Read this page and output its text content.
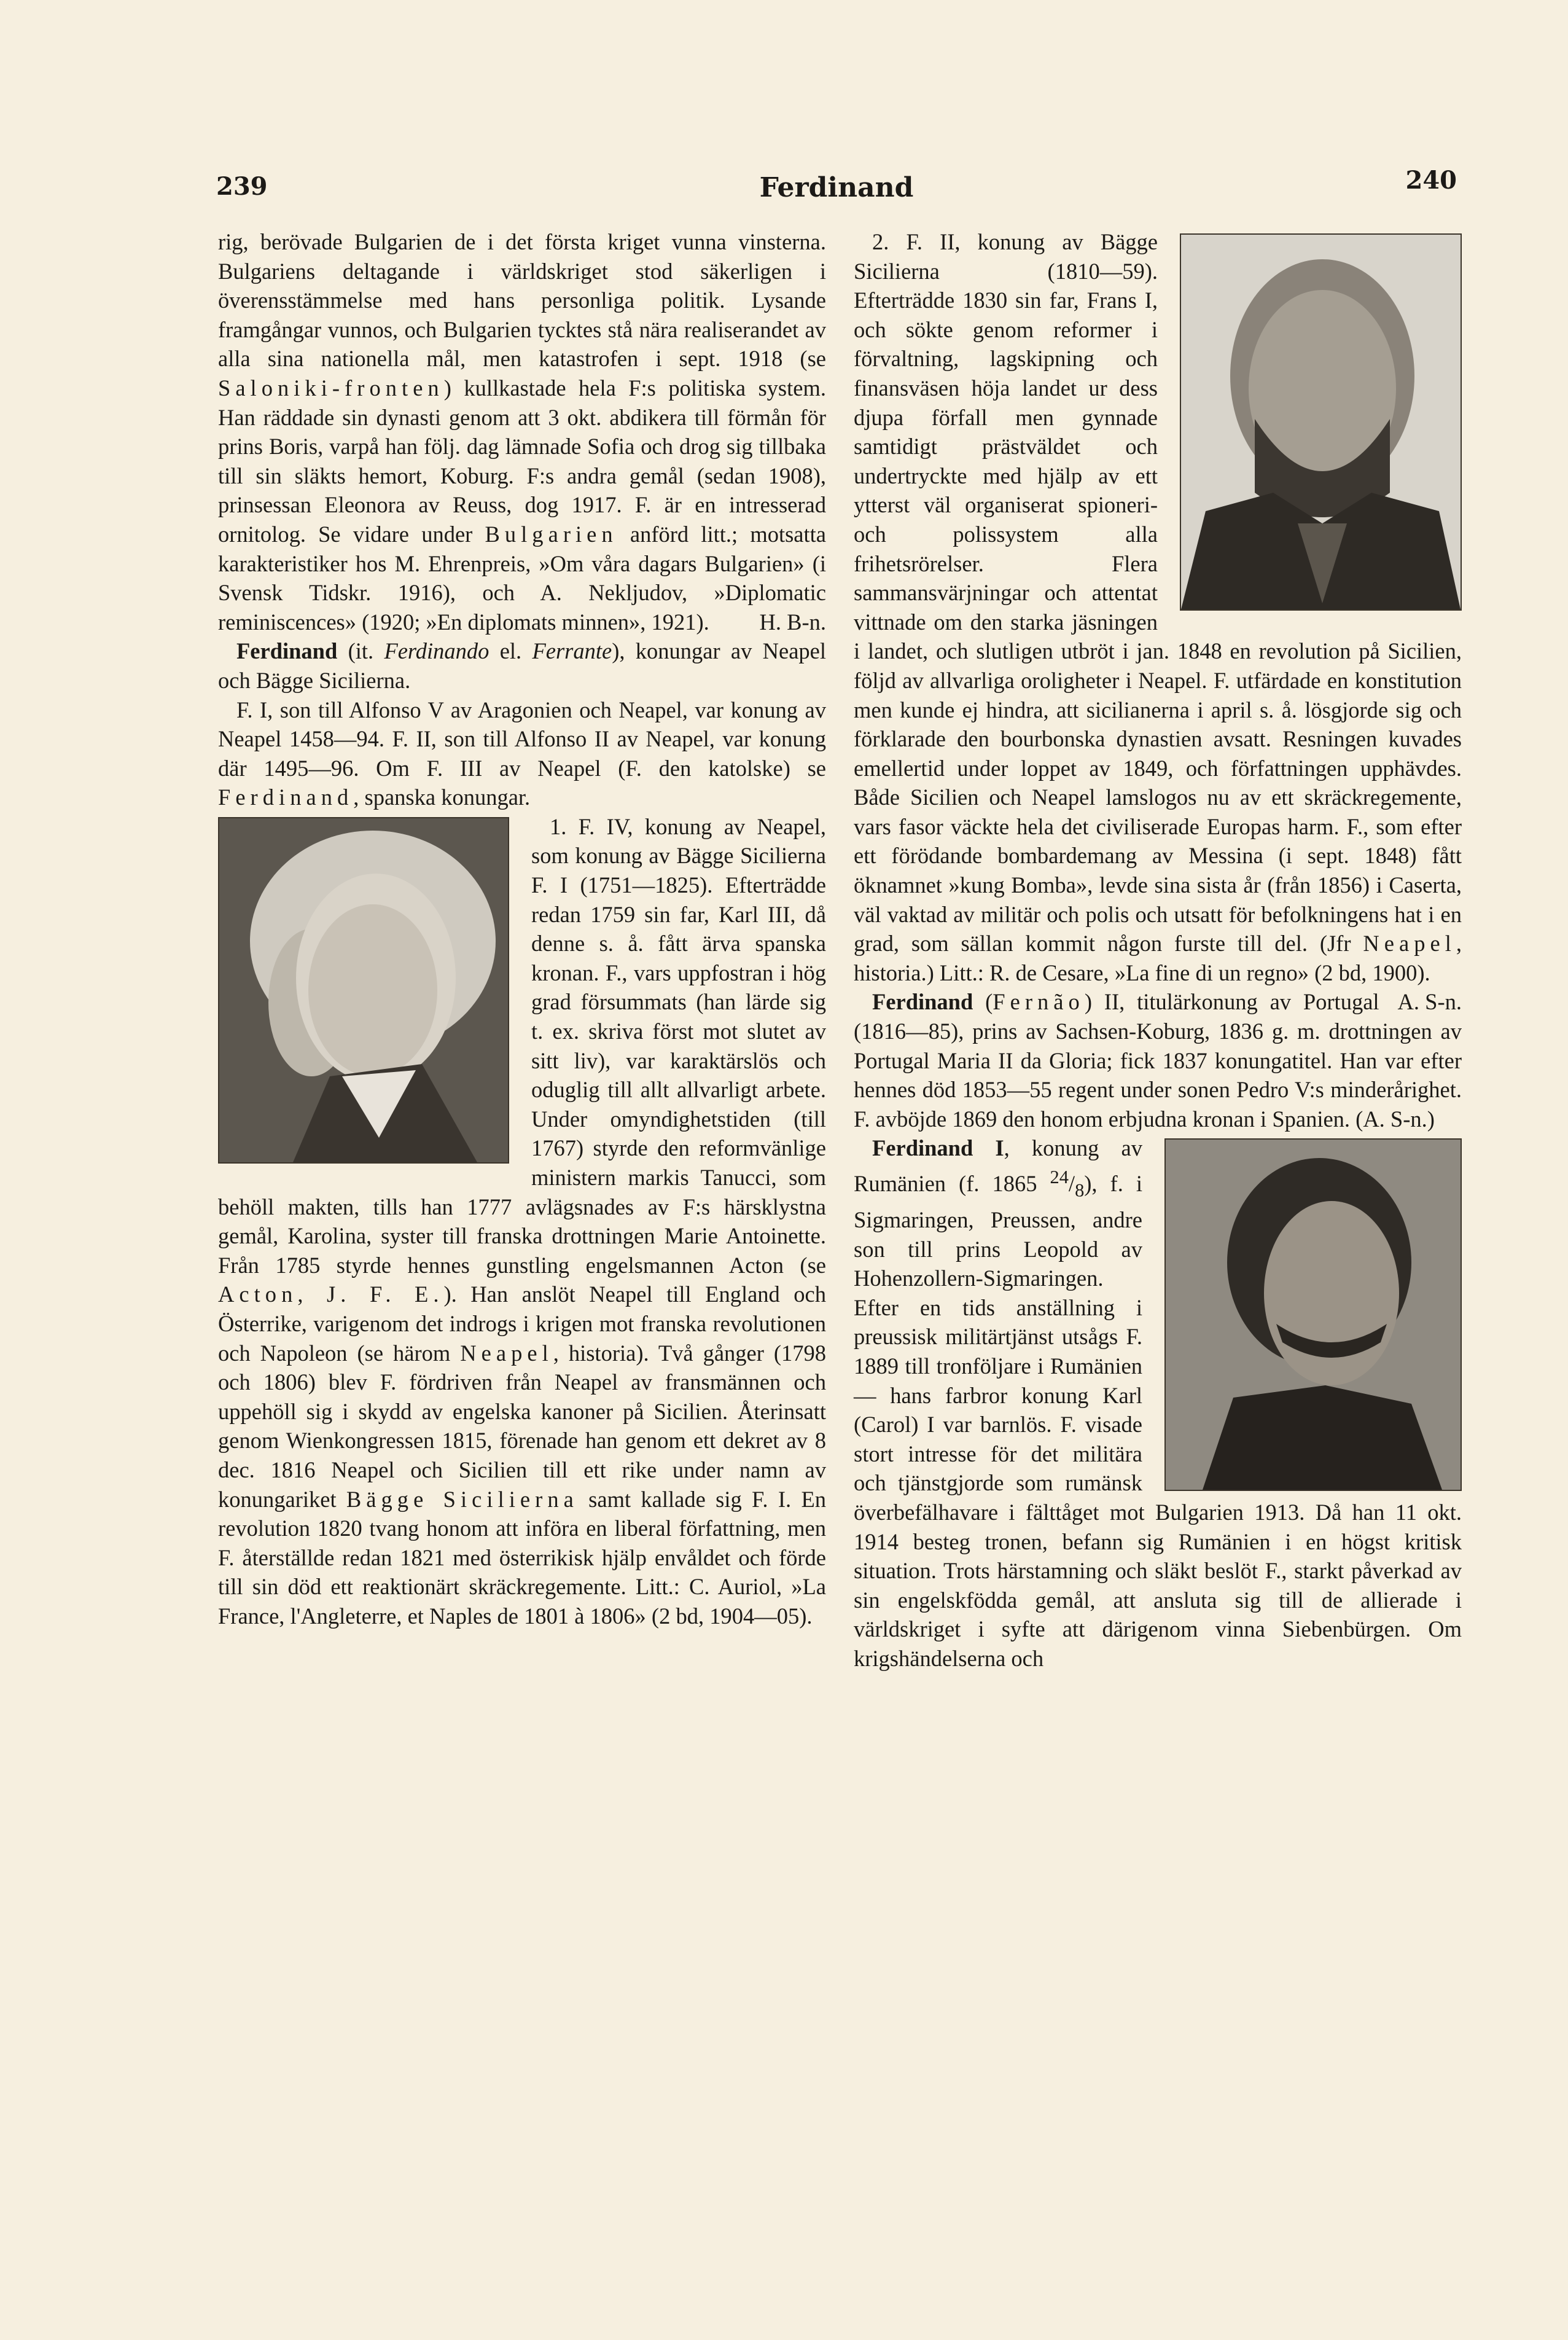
239	Ferdinand	240

rig, berövade Bulgarien de i det första kriget vunna vinsterna. Bulgariens deltagande i världskriget stod säkerligen i överensstämmelse med hans personliga politik. Lysande framgångar vunnos, och Bulgarien tycktes stå nära realiserandet av alla sina nationella mål, men katastrofen i sept. 1918 (se Saloniki-fronten) kullkastade hela F:s politiska system. Han räddade sin dynasti genom att 3 okt. abdikera till förmån för prins Boris, varpå han följ. dag lämnade Sofia och drog sig tillbaka till sin släkts hemort, Koburg. F:s andra gemål (sedan 1908), prinsessan Eleonora av Reuss, dog 1917. F. är en intresserad ornitolog. Se vidare under Bulgarien anförd litt.; motsatta karakteristiker hos M. Ehrenpreis, »Om våra dagars Bulgarien» (i Svensk Tidskr. 1916), och A. Nekljudov, »Diplomatic reminiscences» (1920; »En diplomats minnen», 1921). H. B-n.

Ferdinand (it. Ferdinando el. Ferrante), konungar av Neapel och Bägge Sicilierna.

F. I, son till Alfonso V av Aragonien och Neapel, var konung av Neapel 1458—94. F. II, son till Alfonso II av Neapel, var konung där 1495—96. Om F. III av Neapel (F. den katolske) se Ferdinand, spanska konungar.

1. F. IV, konung av Neapel, som konung av Bägge Sicilierna F. I (1751—1825). Efterträdde redan 1759 sin far, Karl III, då denne s. å. fått ärva spanska kronan. F., vars uppfostran i hög grad försummats (han lärde sig t. ex. skriva först mot slutet av sitt liv), var karaktärslös och oduglig till allt allvarligt arbete. Under omyndighetstiden (till 1767) styrde den reformvänlige ministern markis Tanucci, som behöll makten, tills han 1777 avlägsnades av F:s härsklystna gemål, Karolina, syster till franska drottningen Marie Antoinette. Från 1785 styrde hennes gunstling engelsmannen Acton (se Acton, J. F. E.). Han anslöt Neapel till England och Österrike, varigenom det indrogs i krigen mot franska revolutionen och Napoleon (se härom Neapel, historia). Två gånger (1798 och 1806) blev F. fördriven från Neapel av fransmännen och uppehöll sig i skydd av engelska kanoner på Sicilien. Återinsatt genom Wienkongressen 1815, förenade han genom ett dekret av 8 dec. 1816 Neapel och Sicilien till ett rike under namn av konungariket Bägge Sicilierna samt kallade sig F. I. En revolution 1820 tvang honom att införa en liberal författning, men F. återställde redan 1821 med österrikisk hjälp envåldet och förde till sin död ett reaktionärt skräckregemente. Litt.: C. Auriol, »La France, l'Angleterre, et Naples de 1801 à 1806» (2 bd, 1904—05).

2. F. II, konung av Bägge Sicilierna (1810—59). Efterträdde 1830 sin far, Frans I, och sökte genom reformer i förvaltning, lagskipning och finansväsen höja landet ur dess djupa förfall men gynnade samtidigt prästväldet och undertryckte med hjälp av ett ytterst väl organiserat spioneri- och polissystem alla frihetsrörelser. Flera sammansvärjningar och attentat vittnade om den starka jäsningen i landet, och slutligen utbröt i jan. 1848 en revolution på Sicilien, följd av allvarliga oroligheter i Neapel. F. utfärdade en konstitution men kunde ej hindra, att sicilianerna i april s. å. lösgjorde sig och förklarade den bourbonska dynastien avsatt. Resningen kuvades emellertid under loppet av 1849, och författningen upphävdes. Både Sicilien och Neapel lamslogos nu av ett skräckregemente, vars fasor väckte hela det civiliserade Europas harm. F., som efter ett förödande bombardemang av Messina (i sept. 1848) fått öknamnet »kung Bomba», levde sina sista år (från 1856) i Caserta, väl vaktad av militär och polis och utsatt för befolkningens hat i en grad, som sällan kommit någon furste till del. (Jfr Neapel, historia.) Litt.: R. de Cesare, »La fine di un regno» (2 bd, 1900).
A. S-n.

Ferdinand (Fernão) II, titulärkonung av Portugal (1816—85), prins av Sachsen-Koburg, 1836 g. m. drottningen av Portugal Maria II da Gloria; fick 1837 konungatitel. Han var efter hennes död 1853—55 regent under sonen Pedro V:s minderårighet. F. avböjde 1869 den honom erbjudna kronan i Spanien. (A. S-n.)

Ferdinand I, konung av Rumänien (f. 1865 $^{24}/_8$), f. i Sigmaringen, Preussen, andre son till prins Leopold av Hohenzollern-Sigmaringen. Efter en tids anställning i preussisk militärtjänst utsågs F. 1889 till tronföljare i Rumänien — hans farbror konung Karl (Carol) I var barnlös. F. visade stort intresse för det militära och tjänstgjorde som rumänsk överbefälhavare i fälttåget mot Bulgarien 1913. Då han 11 okt. 1914 besteg tronen, befann sig Rumänien i en högst kritisk situation. Trots härstamning och släkt beslöt F., starkt påverkad av sin engelskfödda gemål, att ansluta sig till de allierade i världskriget i syfte att därigenom vinna Siebenbürgen. Om krigshändelserna och
